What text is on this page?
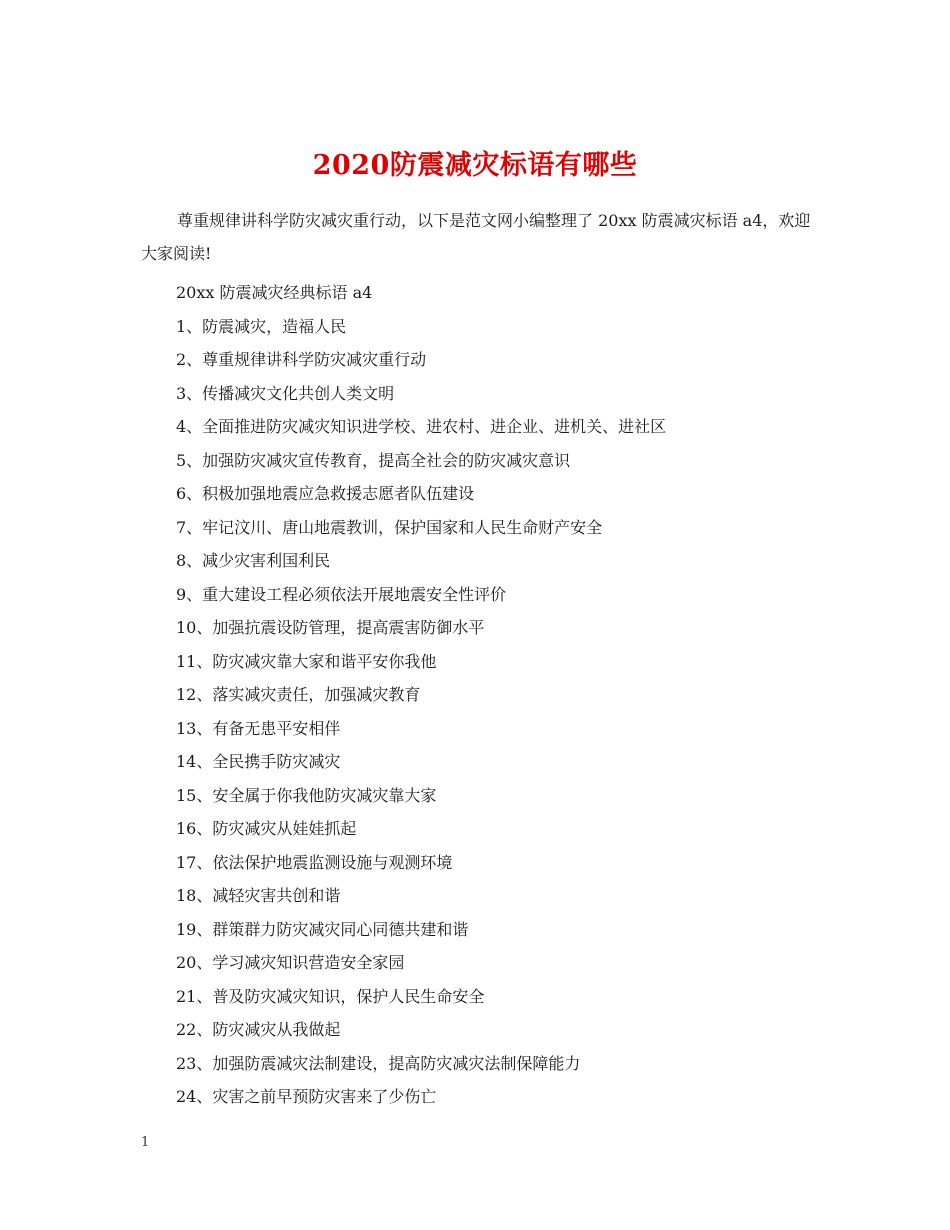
2020防震减灾标语有哪些

尊重规律讲科学防灾减灾重行动，以下是范文网小编整理了 20xx 防震减灾标语 a4，欢迎大家阅读!

20xx 防震减灾经典标语 a4
1、防震减灾，造福人民
2、尊重规律讲科学防灾减灾重行动
3、传播减灾文化共创人类文明
4、全面推进防灾减灾知识进学校、进农村、进企业、进机关、进社区
5、加强防灾减灾宣传教育，提高全社会的防灾减灾意识
6、积极加强地震应急救援志愿者队伍建设
7、牢记汶川、唐山地震教训，保护国家和人民生命财产安全
8、减少灾害利国利民
9、重大建设工程必须依法开展地震安全性评价
10、加强抗震设防管理，提高震害防御水平
11、防灾减灾靠大家和谐平安你我他
12、落实减灾责任，加强减灾教育
13、有备无患平安相伴
14、全民携手防灾减灾
15、安全属于你我他防灾减灾靠大家
16、防灾减灾从娃娃抓起
17、依法保护地震监测设施与观测环境
18、减轻灾害共创和谐
19、群策群力防灾减灾同心同德共建和谐
20、学习减灾知识营造安全家园
21、普及防灾减灾知识，保护人民生命安全
22、防灾减灾从我做起
23、加强防震减灾法制建设，提高防灾减灾法制保障能力
24、灾害之前早预防灾害来了少伤亡
1
